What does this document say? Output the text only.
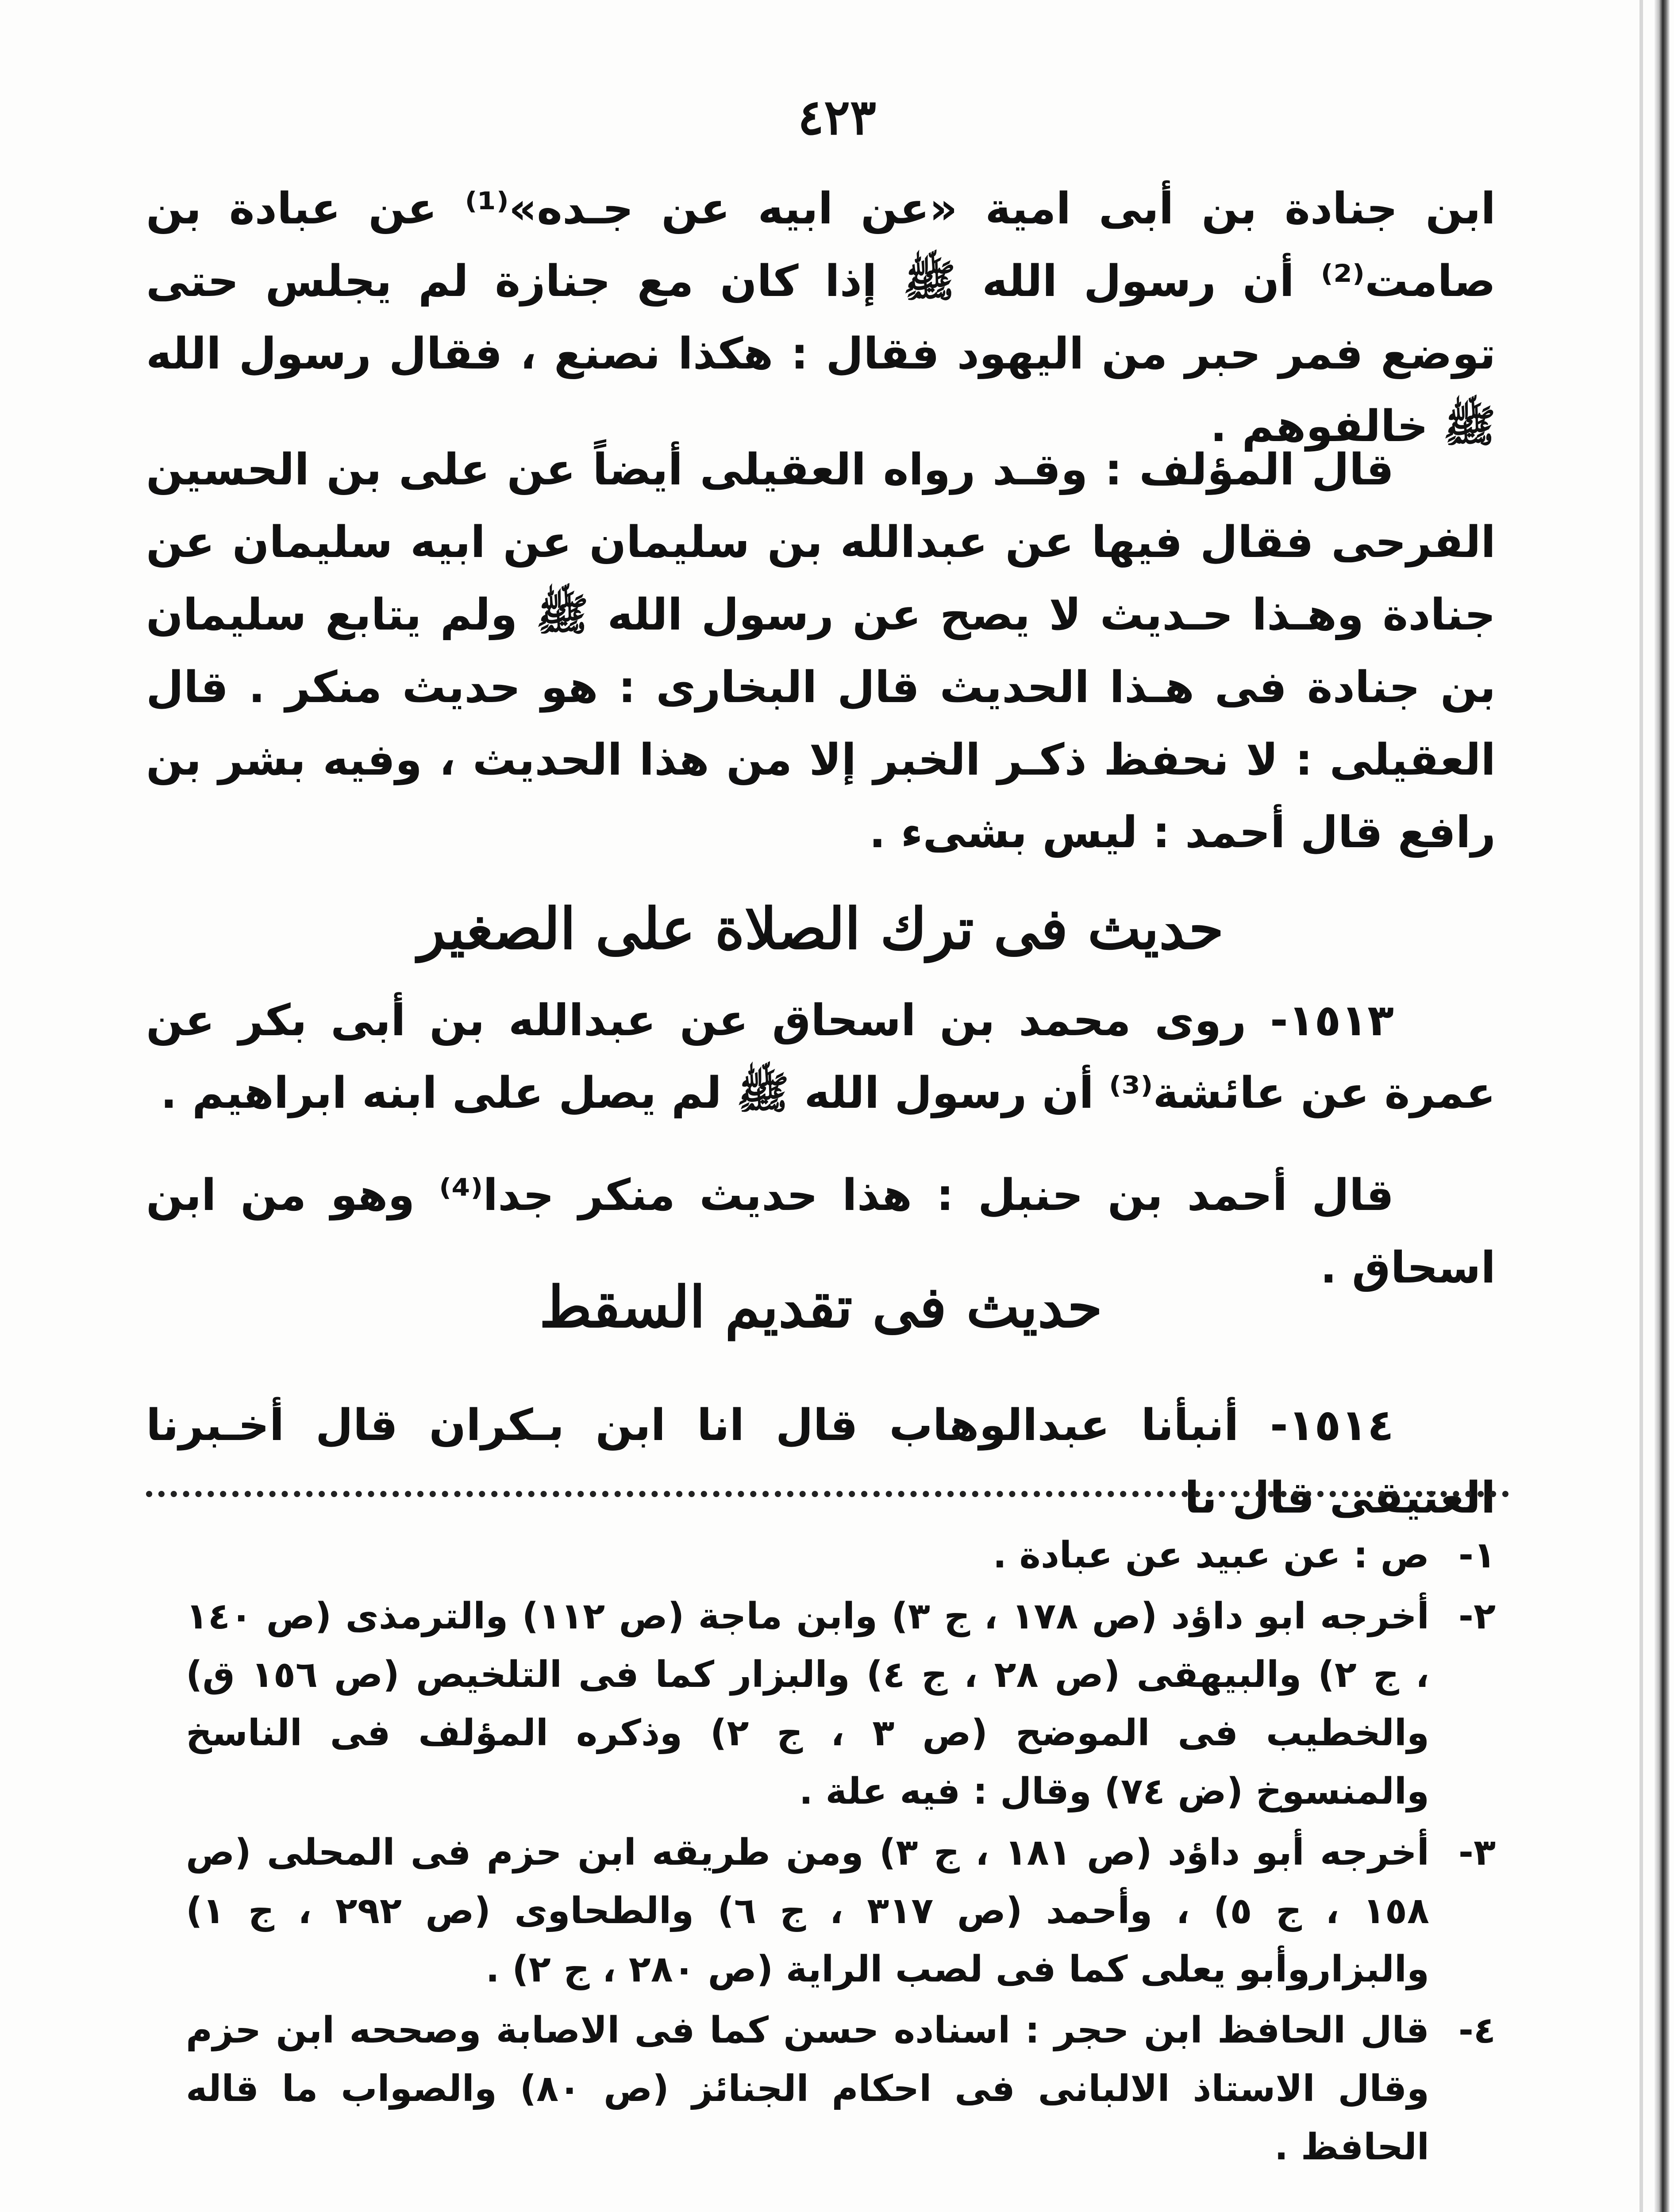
٤٢٣

ابن جنادة بن أبى امية «عن ابيه عن جـده»⁽¹⁾ عن عبادة بن صامت⁽²⁾ أن رسول الله ﷺ إذا كان مع جنازة لم يجلس حتى توضع فمر حبر من اليهود فقال : هكذا نصنع ، فقال رسول الله ﷺ خالفوهم .

قال المؤلف : وقـد رواه العقيلى أيضاً عن على بن الحسين الفرحى فقال فيها عن عبدالله بن سليمان عن ابيه سليمان عن جنادة وهـذا حـديث لا يصح عن رسول الله ﷺ ولم يتابع سليمان بن جنادة فى هـذا الحديث قال البخارى : هو حديث منكر . قال العقيلى : لا نحفظ ذكـر الخبر إلا من هذا الحديث ، وفيه بشر بن رافع قال أحمد : ليس بشىء .

حديث فى ترك الصلاة على الصغير

١٥١٣- روى محمد بن اسحاق عن عبدالله بن أبى بكر عن عمرة عن عائشة⁽³⁾ أن رسول الله ﷺ لم يصل على ابنه ابراهيم .

قال أحمد بن حنبل : هذا حديث منكر جدا⁽⁴⁾ وهو من ابن اسحاق .

حديث فى تقديم السقط

١٥١٤- أنبأنا عبدالوهاب قال انا ابن بـكران قال أخـبرنا العتيقى قال نا

١-
ص : عن عبيد عن عبادة .
٢-
أخرجه ابو داؤد (ص ١٧٨ ، ج ٣) وابن ماجة (ص ١١٢) والترمذى (ص ١٤٠ ، ج ٢) والبيهقى (ص ٢٨ ، ج ٤) والبزار كما فى التلخيص (ص ١٥٦ ق) والخطيب فى الموضح (ص ٣ ، ج ٢) وذكره المؤلف فى الناسخ والمنسوخ (ض ٧٤) وقال : فيه علة .
٣-
أخرجه أبو داؤد (ص ١٨١ ، ج ٣) ومن طريقه ابن حزم فى المحلى (ص ١٥٨ ، ج ٥) ، وأحمد (ص ٣١٧ ، ج ٦) والطحاوى (ص ٢٩٢ ، ج ١) والبزاروأبو يعلى كما فى لصب الراية (ص ٢٨٠ ، ج ٢) .
٤-
قال الحافظ ابن حجر : اسناده حسن كما فى الاصابة وصححه ابن حزم وقال الاستاذ الالبانى فى احكام الجنائز (ص ٨٠) والصواب ما قاله الحافظ .
